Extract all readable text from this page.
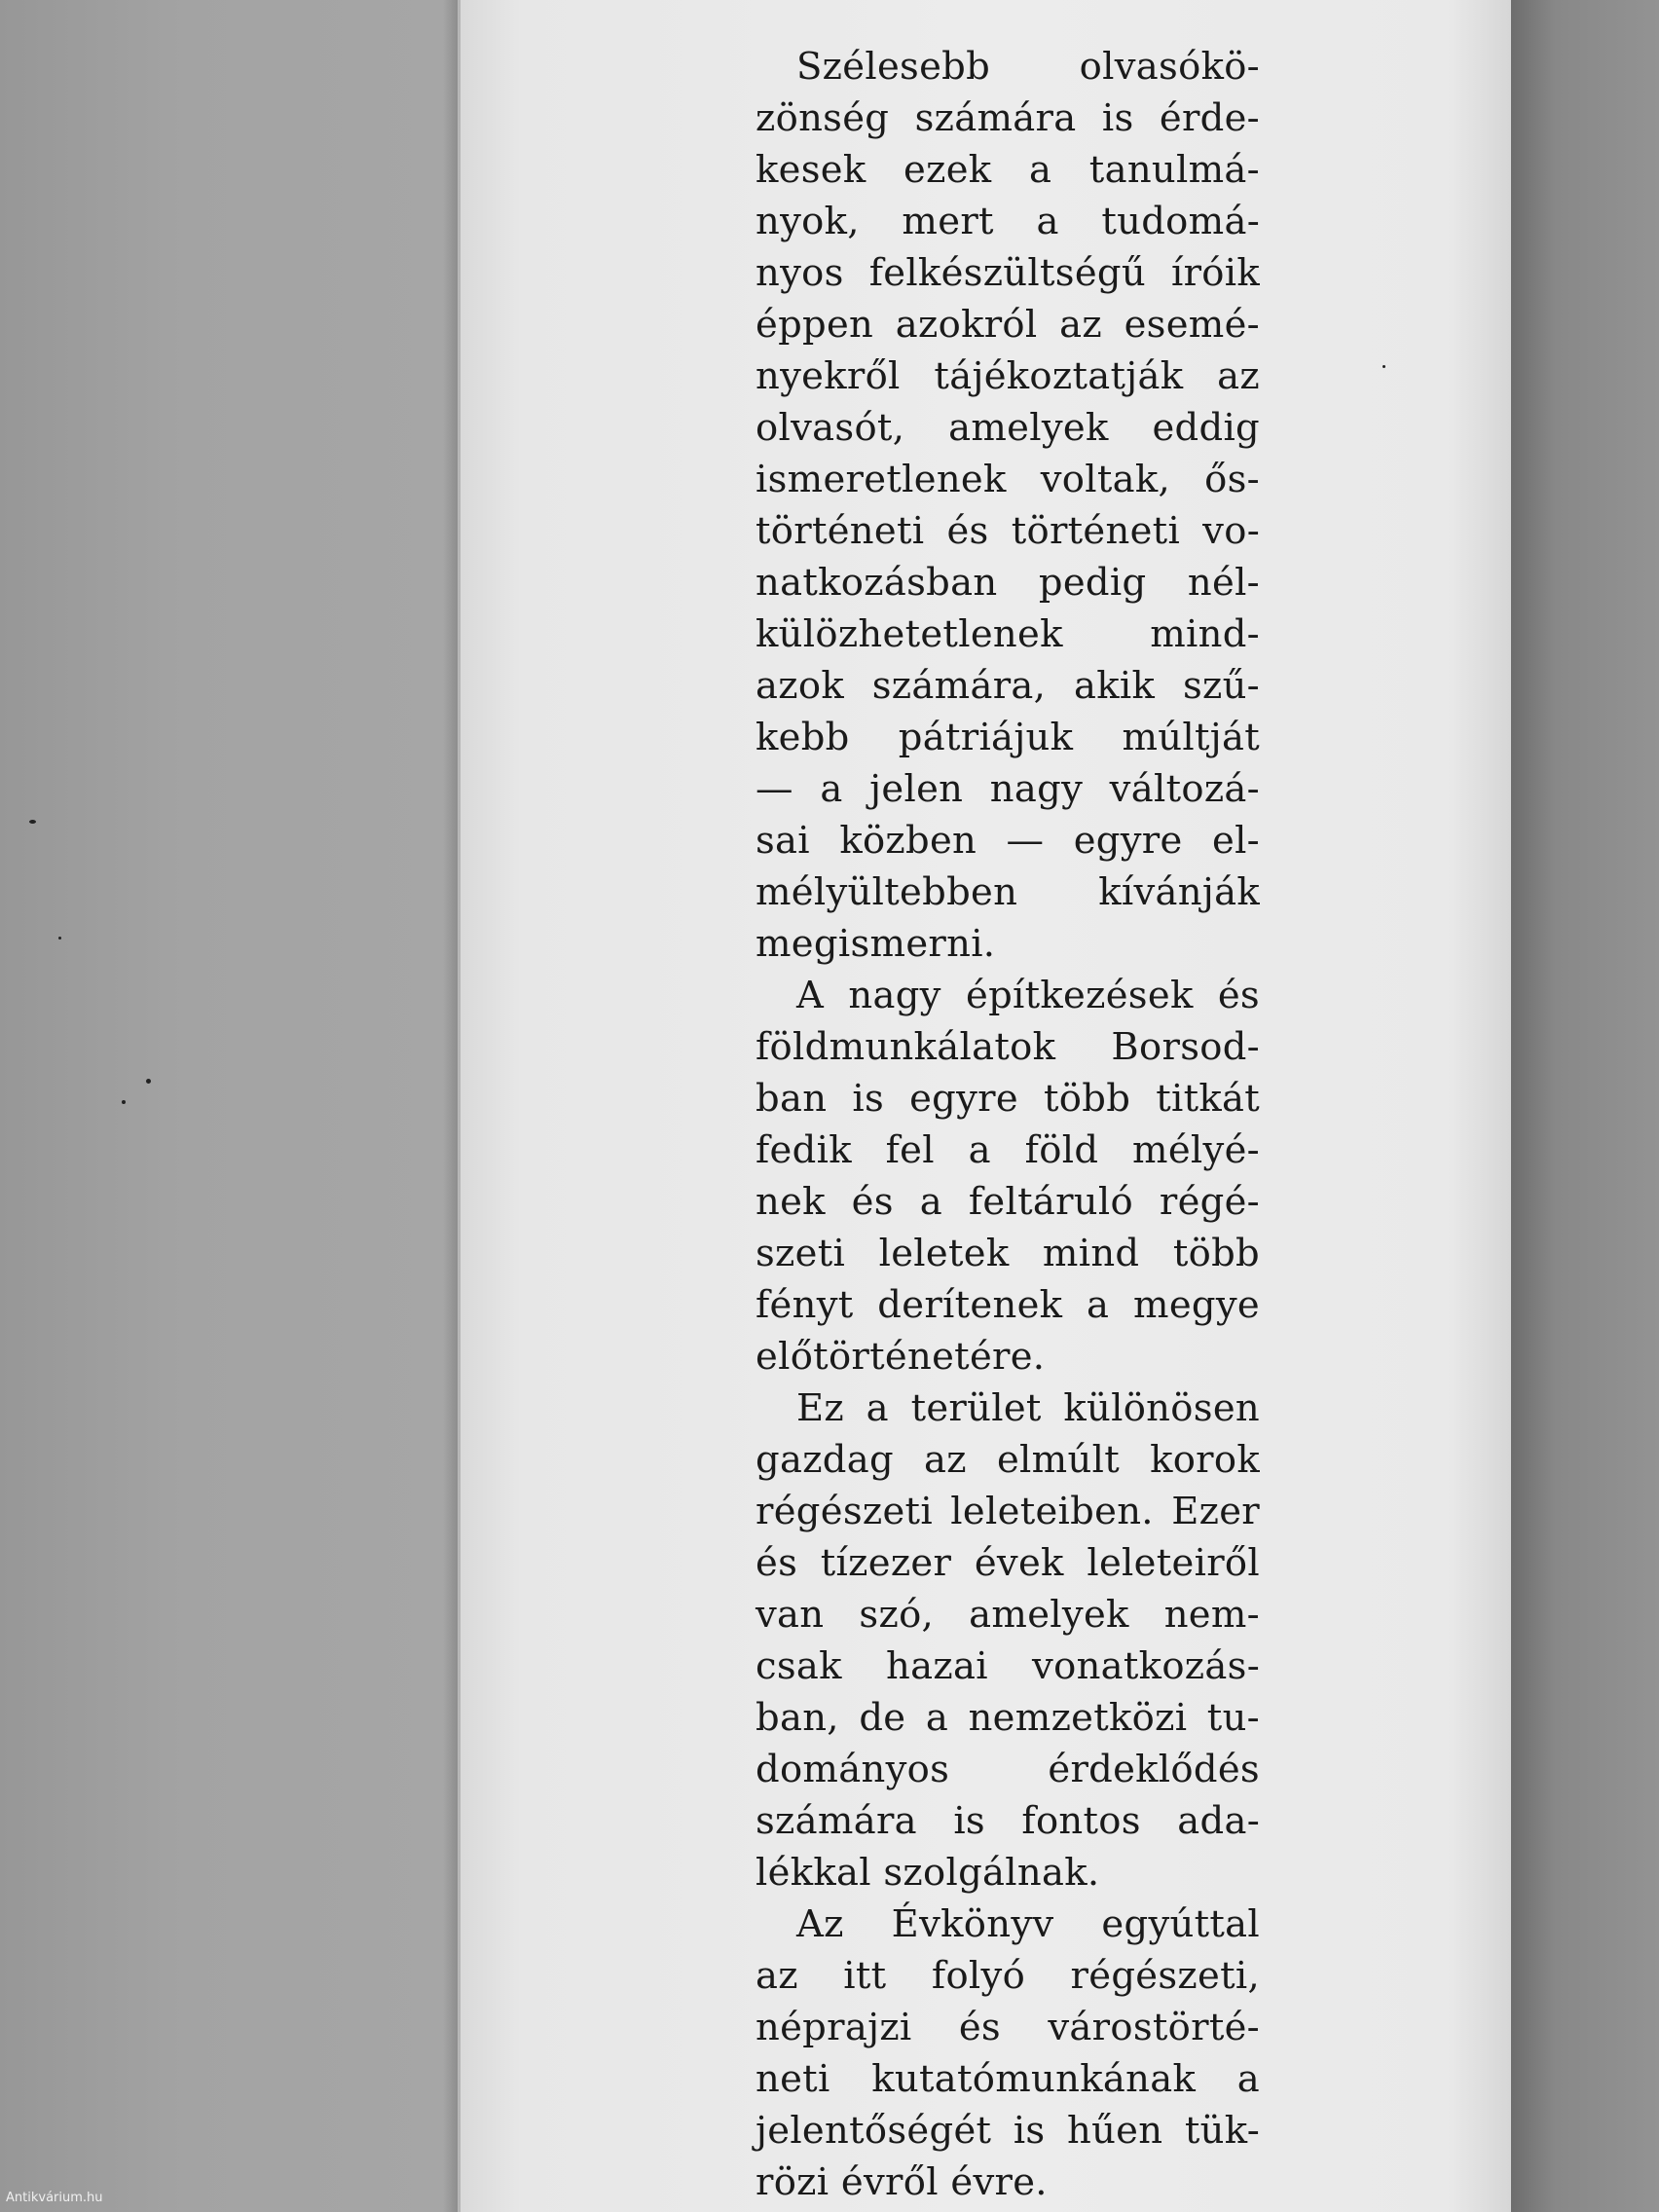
Szélesebb olvasókö-
zönség számára is érde-
kesek ezek a tanulmá-
nyok, mert a tudomá-
nyos felkészültségű íróik
éppen azokról az esemé-
nyekről tájékoztatják az
olvasót, amelyek eddig
ismeretlenek voltak, ős-
történeti és történeti vo-
natkozásban pedig nél-
külözhetetlenek mind-
azok számára, akik szű-
kebb pátriájuk múltját
— a jelen nagy változá-
sai közben — egyre el-
mélyültebben kívánják
megismerni.
A nagy építkezések és
földmunkálatok Borsod-
ban is egyre több titkát
fedik fel a föld mélyé-
nek és a feltáruló régé-
szeti leletek mind több
fényt derítenek a megye
előtörténetére.
Ez a terület különösen
gazdag az elmúlt korok
régészeti leleteiben. Ezer
és tízezer évek leleteiről
van szó, amelyek nem-
csak hazai vonatkozás-
ban, de a nemzetközi tu-
dományos érdeklődés
számára is fontos ada-
lékkal szolgálnak.
Az Évkönyv egyúttal
az itt folyó régészeti,
néprajzi és várostörté-
neti kutatómunkának a
jelentőségét is hűen tük-
rözi évről évre.
Antikvárium.hu
